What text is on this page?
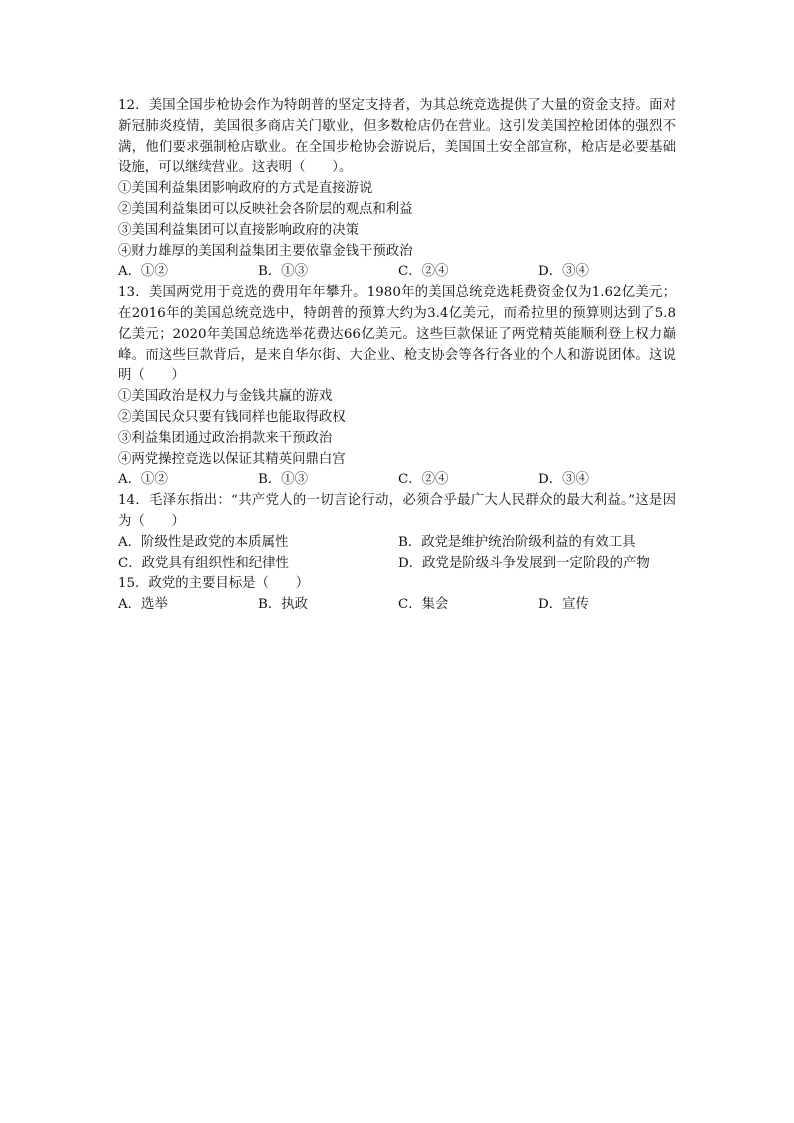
12．美国全国步枪协会作为特朗普的坚定支持者，为其总统竞选提供了大量的资金支持。面对新冠肺炎疫情，美国很多商店关门歇业，但多数枪店仍在营业。这引发美国控枪团体的强烈不满，他们要求强制枪店歇业。在全国步枪协会游说后，美国国土安全部宣称，枪店是必要基础设施，可以继续营业。这表明（　　）。

①美国利益集团影响政府的方式是直接游说

②美国利益集团可以反映社会各阶层的观点和利益

③美国利益集团可以直接影响政府的决策

④财力雄厚的美国利益集团主要依靠金钱干预政治

A．①②	B．①③	C．②④	D．③④

13．美国两党用于竞选的费用年年攀升。1980年的美国总统竞选耗费资金仅为1.62亿美元；在2016年的美国总统竞选中，特朗普的预算大约为3.4亿美元，而希拉里的预算则达到了5.8亿美元；2020年美国总统选举花费达66亿美元。这些巨款保证了两党精英能顺利登上权力巅峰。而这些巨款背后，是来自华尔街、大企业、枪支协会等各行各业的个人和游说团体。这说明（　　）

①美国政治是权力与金钱共赢的游戏

②美国民众只要有钱同样也能取得政权

③利益集团通过政治捐款来干预政治

④两党操控竞选以保证其精英问鼎白宫

A．①②	B．①③	C．②④	D．③④

14．毛泽东指出：“共产党人的一切言论行动，必须合乎最广大人民群众的最大利益。”这是因为（　　）

A．阶级性是政党的本质属性	B．政党是维护统治阶级利益的有效工具
C．政党具有组织性和纪律性	D．政党是阶级斗争发展到一定阶段的产物

15．政党的主要目标是（　　）

A．选举	B．执政	C．集会	D．宣传
